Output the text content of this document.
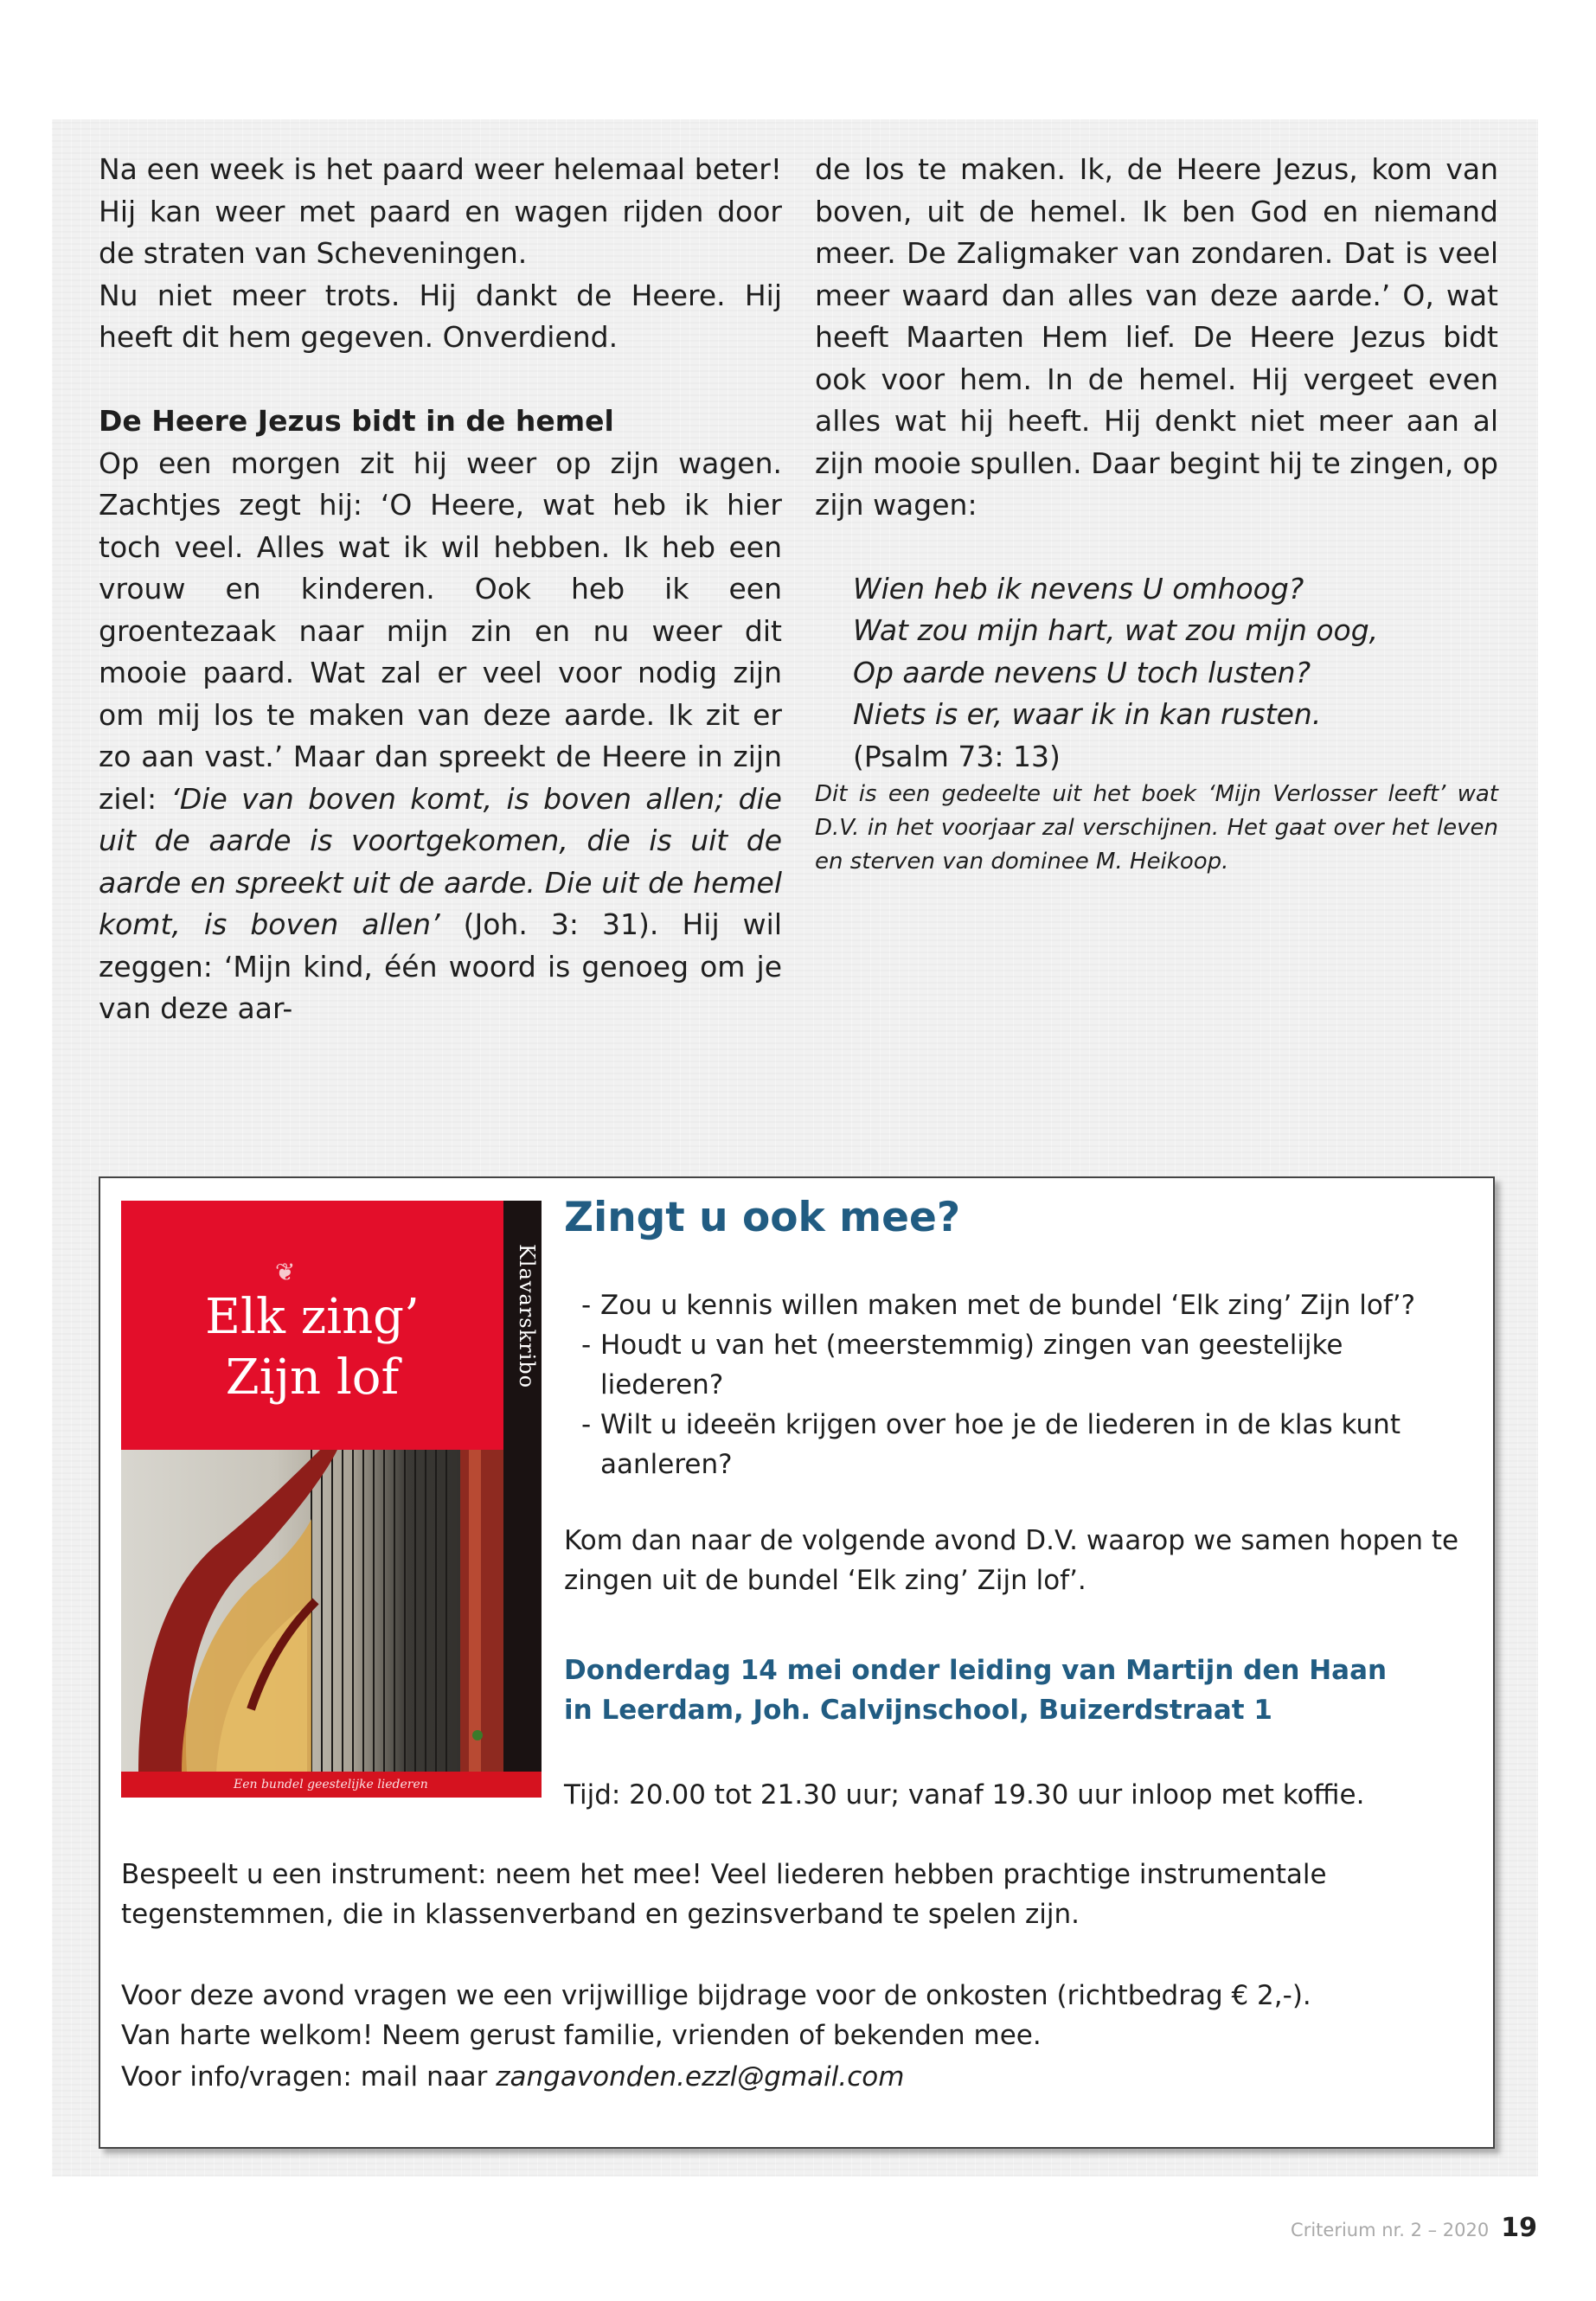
Na een week is het paard weer helemaal beter! Hij kan weer met paard en wagen rijden door de straten van Scheveningen.

Nu niet meer trots. Hij dankt de Heere. Hij heeft dit hem gegeven. Onverdiend.

De Heere Jezus bidt in de hemel

Op een morgen zit hij weer op zijn wagen. Zachtjes zegt hij: ‘O Heere, wat heb ik hier toch veel. Alles wat ik wil hebben. Ik heb een vrouw en kinderen. Ook heb ik een groentezaak naar mijn zin en nu weer dit mooie paard. Wat zal er veel voor nodig zijn om mij los te maken van deze aarde. Ik zit er zo aan vast.’ Maar dan spreekt de Heere in zijn ziel: ‘Die van boven komt, is boven allen; die uit de aarde is voortgekomen, die is uit de aarde en spreekt uit de aarde. Die uit de hemel komt, is boven allen’ (Joh. 3: 31). Hij wil zeggen: ‘Mijn kind, één woord is genoeg om je van deze aar-

de los te maken. Ik, de Heere Jezus, kom van boven, uit de hemel. Ik ben God en niemand meer. De Zaligmaker van zondaren. Dat is veel meer waard dan alles van deze aarde.’ O, wat heeft Maarten Hem lief. De Heere Jezus bidt ook voor hem. In de hemel. Hij vergeet even alles wat hij heeft. Hij denkt niet meer aan al zijn mooie spullen. Daar begint hij te zingen, op zijn wagen:

Wien heb ik nevens U omhoog?
Wat zou mijn hart, wat zou mijn oog,
Op aarde nevens U toch lusten?
Niets is er, waar ik in kan rusten.
(Psalm 73: 13)

Dit is een gedeelte uit het boek ‘Mijn Verlosser leeft’ wat D.V. in het voorjaar zal verschijnen. Het gaat over het leven en sterven van dominee M. Heikoop.

❦
Elk zing’
Zijn lof	Klavarskribo
Een bundel geestelijke liederen
Zingt u ook mee?
- Zou u kennis willen maken met de bundel ‘Elk zing’ Zijn lof’?
- Houdt u van het (meerstemmig) zingen van geestelijke liederen?
- Wilt u ideeën krijgen over hoe je de liederen in de klas kunt aanleren?
Kom dan naar de volgende avond D.V. waarop we samen hopen te zingen uit de bundel ‘Elk zing’ Zijn lof’.
Donderdag 14 mei onder leiding van Martijn den Haan
in Leerdam, Joh. Calvijnschool, Buizerdstraat 1
Tijd: 20.00 tot 21.30 uur; vanaf 19.30 uur inloop met koffie.
Bespeelt u een instrument: neem het mee! Veel liederen hebben prachtige instrumentale tegenstemmen, die in klassenverband en gezinsverband te spelen zijn.
Voor deze avond vragen we een vrijwillige bijdrage voor de onkosten (richtbedrag € 2,-).
Van harte welkom! Neem gerust familie, vrienden of bekenden mee.
Voor info/vragen: mail naar zangavonden.ezzl@gmail.com
Criterium nr. 2 – 2020 19
